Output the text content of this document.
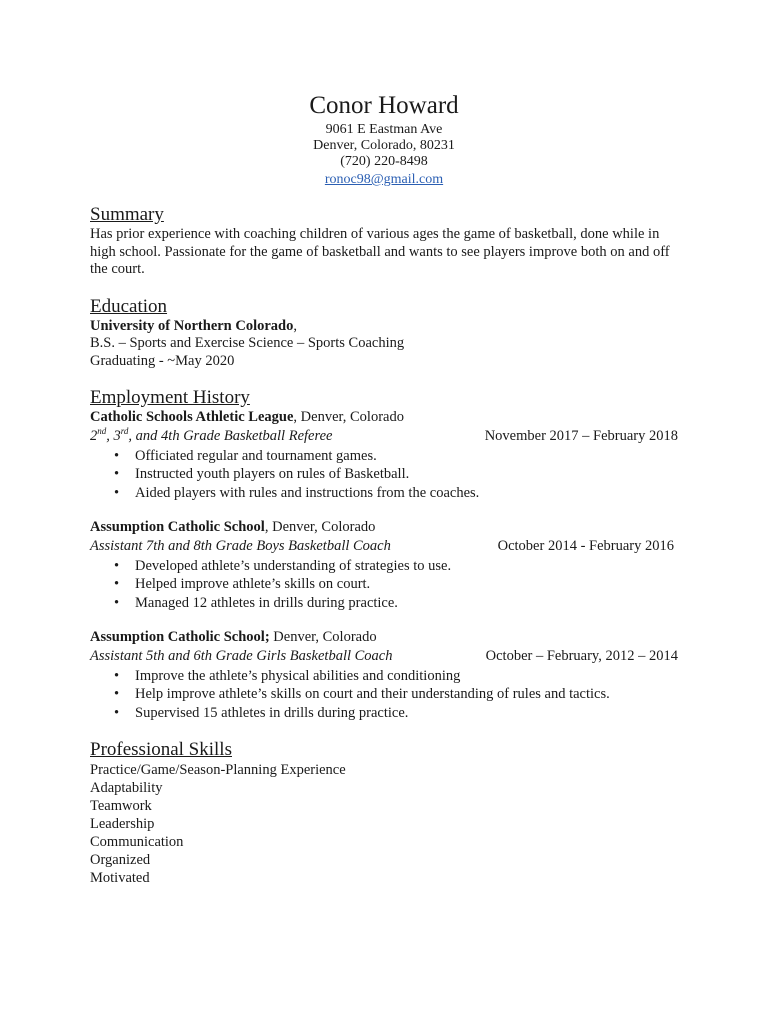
Conor Howard
9061 E Eastman Ave
Denver, Colorado, 80231
(720) 220-8498
ronoc98@gmail.com
Summary
Has prior experience with coaching children of various ages the game of basketball, done while in high school. Passionate for the game of basketball and wants to see players improve both on and off the court.
Education
University of Northern Colorado,
B.S. – Sports and Exercise Science – Sports Coaching
Graduating - ~May 2020
Employment History
Catholic Schools Athletic League, Denver, Colorado
2nd, 3rd, and 4th Grade Basketball Referee	November 2017 – February 2018
• Officiated regular and tournament games.
• Instructed youth players on rules of Basketball.
• Aided players with rules and instructions from the coaches.
Assumption Catholic School, Denver, Colorado
Assistant 7th and 8th Grade Boys Basketball Coach	October 2014 - February 2016
• Developed athlete’s understanding of strategies to use.
• Helped improve athlete’s skills on court.
• Managed 12 athletes in drills during practice.
Assumption Catholic School; Denver, Colorado
Assistant 5th and 6th Grade Girls Basketball Coach	October – February, 2012 – 2014
• Improve the athlete’s physical abilities and conditioning
• Help improve athlete’s skills on court and their understanding of rules and tactics.
• Supervised 15 athletes in drills during practice.
Professional Skills
Practice/Game/Season-Planning Experience
Adaptability
Teamwork
Leadership
Communication
Organized
Motivated
